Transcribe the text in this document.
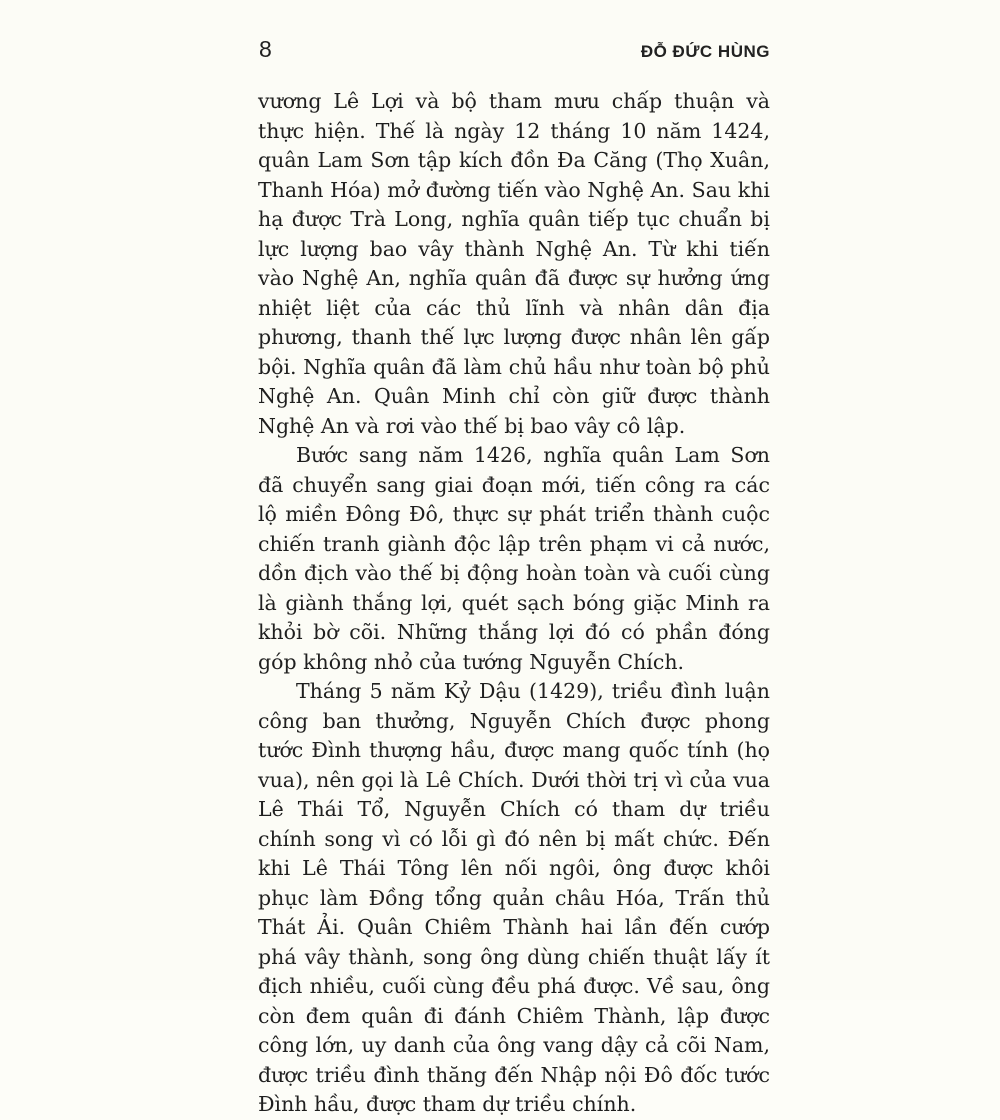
8	ĐỖ ĐỨC HÙNG

vương Lê Lợi và bộ tham mưu chấp thuận và thực hiện. Thế là ngày 12 tháng 10 năm 1424, quân Lam Sơn tập kích đồn Đa Căng (Thọ Xuân, Thanh Hóa) mở đường tiến vào Nghệ An. Sau khi hạ được Trà Long, nghĩa quân tiếp tục chuẩn bị lực lượng bao vây thành Nghệ An. Từ khi tiến vào Nghệ An, nghĩa quân đã được sự hưởng ứng nhiệt liệt của các thủ lĩnh và nhân dân địa phương, thanh thế lực lượng được nhân lên gấp bội. Nghĩa quân đã làm chủ hầu như toàn bộ phủ Nghệ An. Quân Minh chỉ còn giữ được thành Nghệ An và rơi vào thế bị bao vây cô lập.

Bước sang năm 1426, nghĩa quân Lam Sơn đã chuyển sang giai đoạn mới, tiến công ra các lộ miền Đông Đô, thực sự phát triển thành cuộc chiến tranh giành độc lập trên phạm vi cả nước, dồn địch vào thế bị động hoàn toàn và cuối cùng là giành thắng lợi, quét sạch bóng giặc Minh ra khỏi bờ cõi. Những thắng lợi đó có phần đóng góp không nhỏ của tướng Nguyễn Chích.

Tháng 5 năm Kỷ Dậu (1429), triều đình luận công ban thưởng, Nguyễn Chích được phong tước Đình thượng hầu, được mang quốc tính (họ vua), nên gọi là Lê Chích. Dưới thời trị vì của vua Lê Thái Tổ, Nguyễn Chích có tham dự triều chính song vì có lỗi gì đó nên bị mất chức. Đến khi Lê Thái Tông lên nối ngôi, ông được khôi phục làm Đồng tổng quản châu Hóa, Trấn thủ Thát Ải. Quân Chiêm Thành hai lần đến cướp phá vây thành, song ông dùng chiến thuật lấy ít địch nhiều, cuối cùng đều phá được. Về sau, ông còn đem quân đi đánh Chiêm Thành, lập được công lớn, uy danh của ông vang dậy cả cõi Nam, được triều đình thăng đến Nhập nội Đô đốc tước Đình hầu, được tham dự triều chính.
